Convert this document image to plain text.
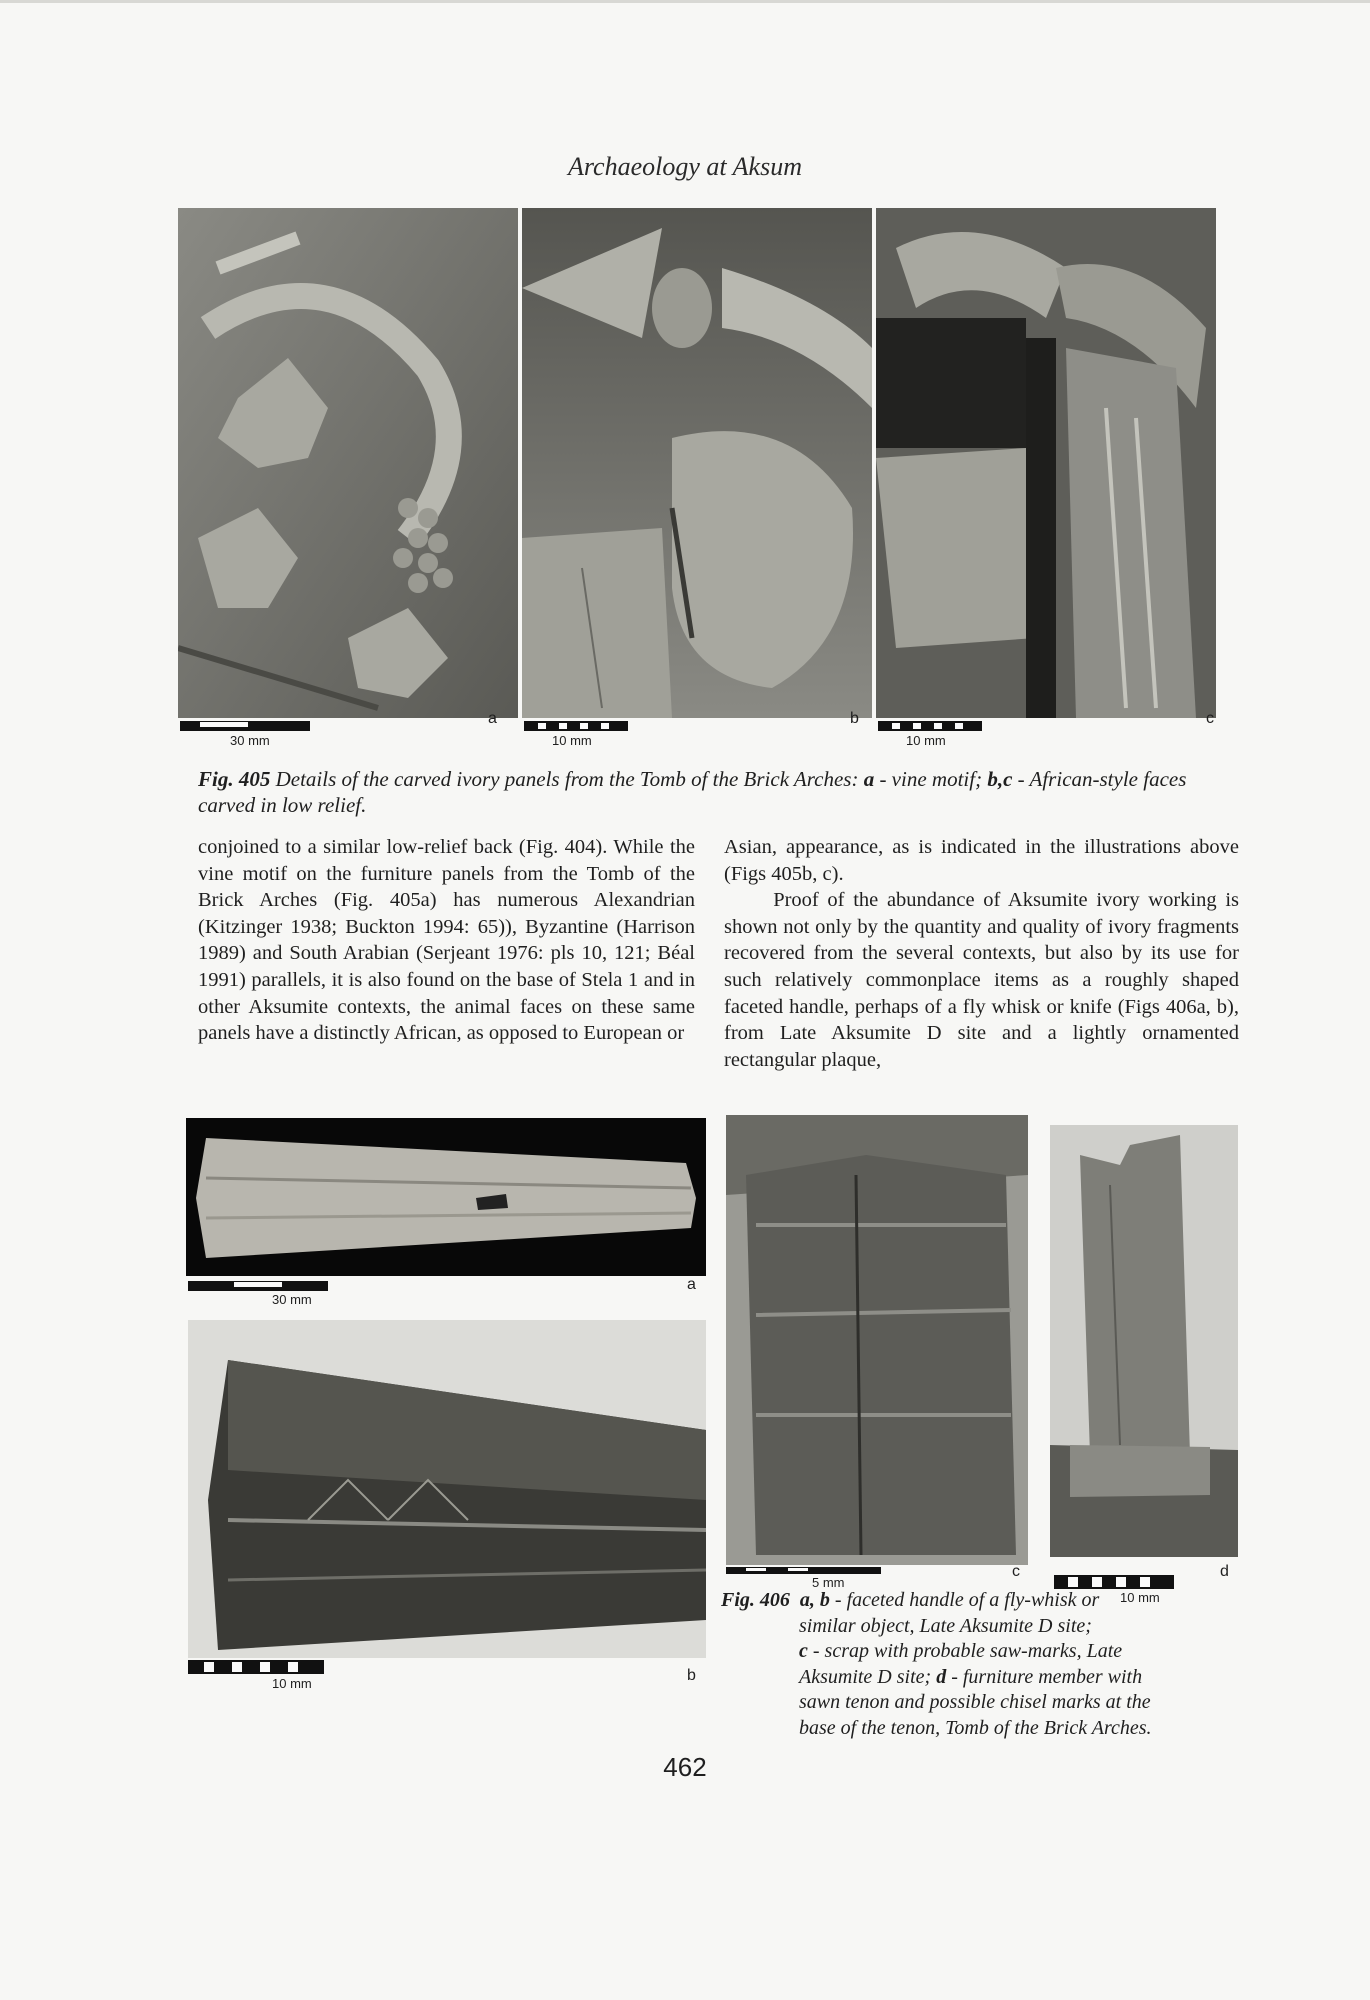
Archaeology at Aksum
30 mm
a
10 mm
b
10 mm
c
Fig. 405 Details of the carved ivory panels from the Tomb of the Brick Arches: a - vine motif; b,c - African-style faces carved in low relief.

conjoined to a similar low-relief back (Fig. 404). While the vine motif on the furniture panels from the Tomb of the Brick Arches (Fig. 405a) has numerous Alexandrian (Kitzinger 1938; Buckton 1994: 65)), Byzantine (Harrison 1989) and South Arabian (Serjeant 1976: pls 10, 121; Béal 1991) parallels, it is also found on the base of Stela 1 and in other Aksumite contexts, the animal faces on these same panels have a distinctly African, as opposed to European or

Asian, appearance, as is indicated in the illustrations above (Figs 405b, c).

Proof of the abundance of Aksumite ivory working is shown not only by the quantity and quality of ivory fragments recovered from the several contexts, but also by its use for such relatively commonplace items as a roughly shaped faceted handle, perhaps of a fly whisk or knife (Figs 406a, b), from Late Aksumite D site and a lightly ornamented rectangular plaque,

30 mm
a
10 mm	b
5 mm
c
10 mm
d
Fig. 406 a, b - faceted handle of a fly-whisk or
similar object, Late Aksumite D site;
c - scrap with probable saw-marks, Late
Aksumite D site; d - furniture member with
sawn tenon and possible chisel marks at the
base of the tenon, Tomb of the Brick Arches.
462
